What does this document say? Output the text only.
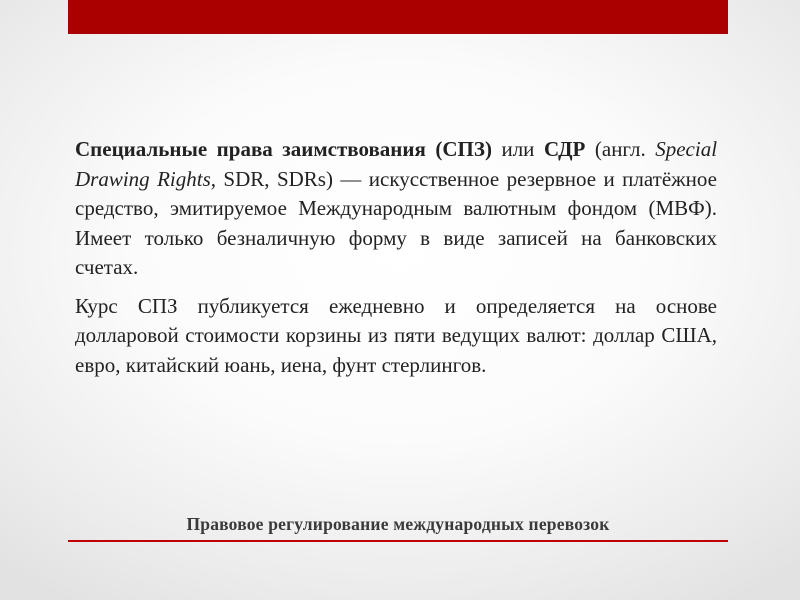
Специальные права заимствования (СПЗ) или СДР (англ. Special Drawing Rights, SDR, SDRs) — искусственное резервное и платёжное средство, эмитируемое Международным валютным фондом (МВФ). Имеет только безналичную форму в виде записей на банковских счетах.

Курс СПЗ публикуется ежедневно и определяется на основе долларовой стоимости корзины из пяти ведущих валют: доллар США, евро, китайский юань, иена, фунт стерлингов.

Правовое регулирование международных перевозок
